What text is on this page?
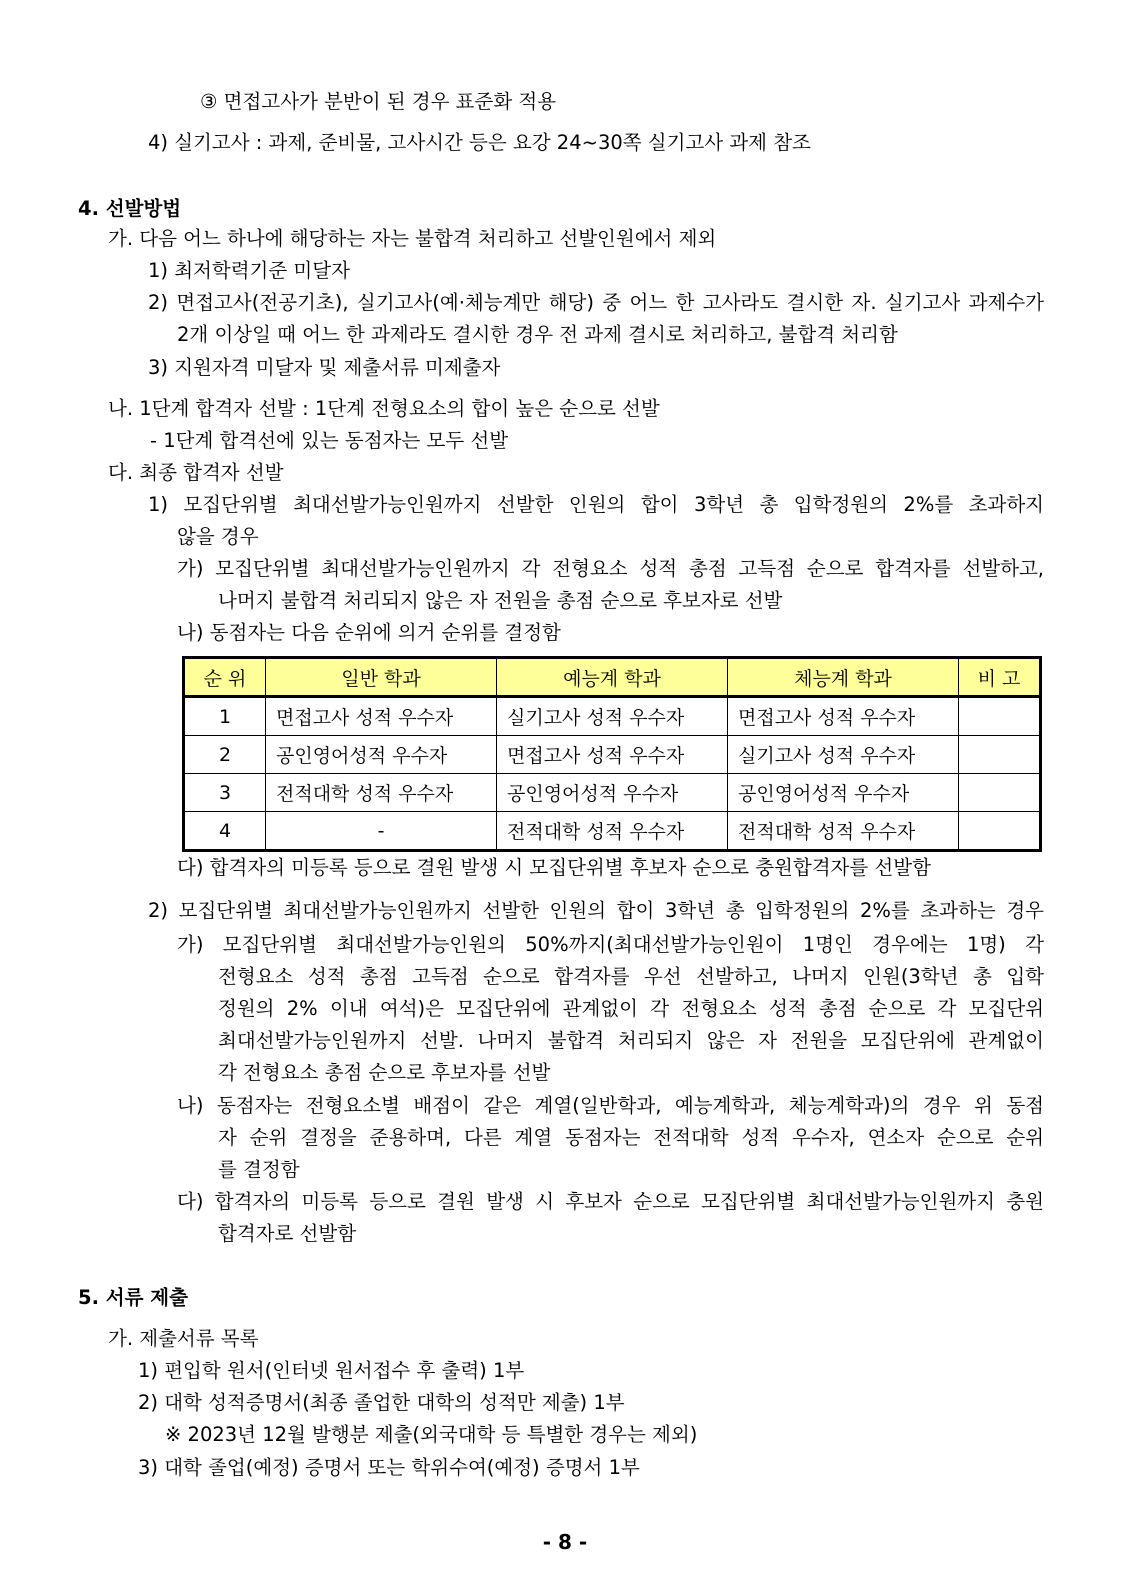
③ 면접고사가 분반이 된 경우 표준화 적용
4) 실기고사 : 과제, 준비물, 고사시간 등은 요강 24~30쪽 실기고사 과제 참조
4. 선발방법
가. 다음 어느 하나에 해당하는 자는 불합격 처리하고 선발인원에서 제외
1) 최저학력기준 미달자
2) 면접고사(전공기초), 실기고사(예·체능계만 해당) 중 어느 한 고사라도 결시한 자. 실기고사 과제수가
2개 이상일 때 어느 한 과제라도 결시한 경우 전 과제 결시로 처리하고, 불합격 처리함
3) 지원자격 미달자 및 제출서류 미제출자
나. 1단계 합격자 선발 : 1단계 전형요소의 합이 높은 순으로 선발
- 1단계 합격선에 있는 동점자는 모두 선발
다. 최종 합격자 선발
1) 모집단위별 최대선발가능인원까지 선발한 인원의 합이 3학년 총 입학정원의 2%를 초과하지
않을 경우
가) 모집단위별 최대선발가능인원까지 각 전형요소 성적 총점 고득점 순으로 합격자를 선발하고,
나머지 불합격 처리되지 않은 자 전원을 총점 순으로 후보자로 선발
나) 동점자는 다음 순위에 의거 순위를 결정함
순 위	일반 학과	예능계 학과	체능계 학과	비 고
1	면접고사 성적 우수자	실기고사 성적 우수자	면접고사 성적 우수자	
2	공인영어성적 우수자	면접고사 성적 우수자	실기고사 성적 우수자	
3	전적대학 성적 우수자	공인영어성적 우수자	공인영어성적 우수자	
4	-	전적대학 성적 우수자	전적대학 성적 우수자	
다) 합격자의 미등록 등으로 결원 발생 시 모집단위별 후보자 순으로 충원합격자를 선발함
2) 모집단위별 최대선발가능인원까지 선발한 인원의 합이 3학년 총 입학정원의 2%를 초과하는 경우
가) 모집단위별 최대선발가능인원의 50%까지(최대선발가능인원이 1명인 경우에는 1명) 각
전형요소 성적 총점 고득점 순으로 합격자를 우선 선발하고, 나머지 인원(3학년 총 입학
정원의 2% 이내 여석)은 모집단위에 관계없이 각 전형요소 성적 총점 순으로 각 모집단위
최대선발가능인원까지 선발. 나머지 불합격 처리되지 않은 자 전원을 모집단위에 관계없이
각 전형요소 총점 순으로 후보자를 선발
나) 동점자는 전형요소별 배점이 같은 계열(일반학과, 예능계학과, 체능계학과)의 경우 위 동점
자 순위 결정을 준용하며, 다른 계열 동점자는 전적대학 성적 우수자, 연소자 순으로 순위
를 결정함
다) 합격자의 미등록 등으로 결원 발생 시 후보자 순으로 모집단위별 최대선발가능인원까지 충원
합격자로 선발함
5. 서류 제출
가. 제출서류 목록
1) 편입학 원서(인터넷 원서접수 후 출력) 1부
2) 대학 성적증명서(최종 졸업한 대학의 성적만 제출) 1부
※ 2023년 12월 발행분 제출(외국대학 등 특별한 경우는 제외)
3) 대학 졸업(예정) 증명서 또는 학위수여(예정) 증명서 1부
- 8 -
